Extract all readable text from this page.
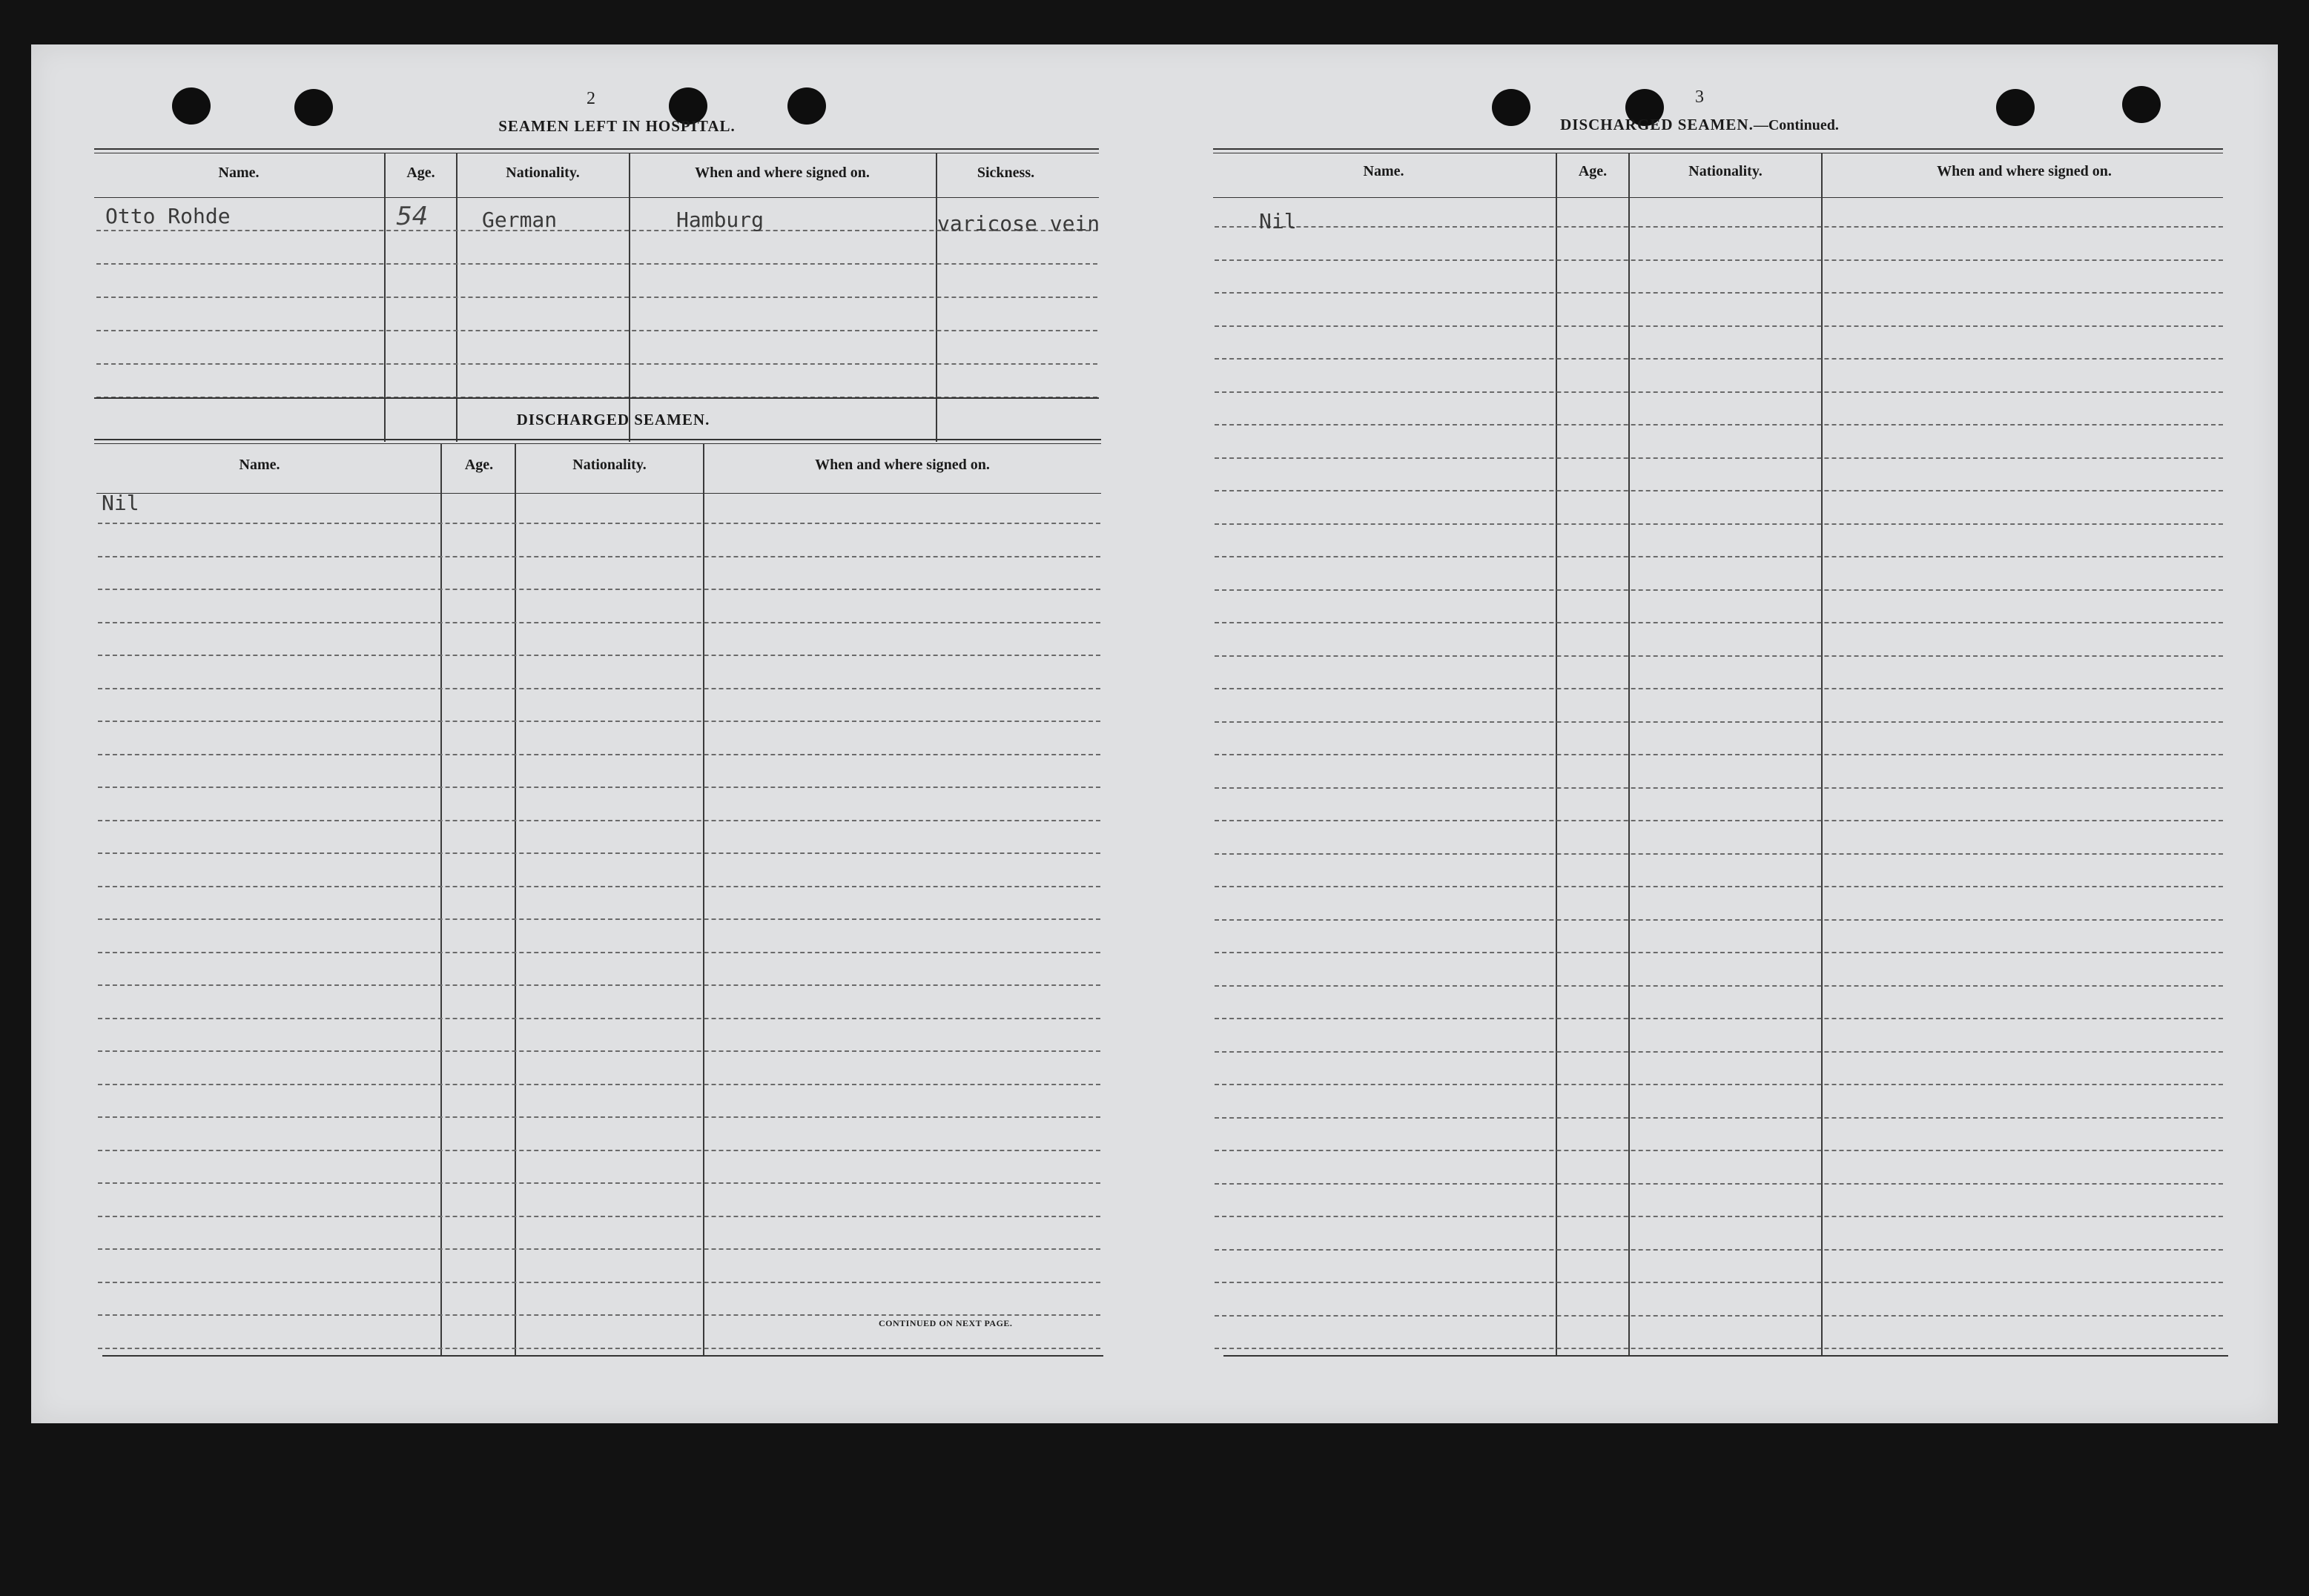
2
SEAMEN LEFT IN HOSPITAL.
Name.	Age.	Nationality.	When and where signed on.	Sickness.
Otto Rohde	54	German	Hamburg	varicose vein
DISCHARGED SEAMEN.
Name.	Age.	Nationality.	When and where signed on.
Nil
CONTINUED ON NEXT PAGE.
3
DISCHARGED SEAMEN.—Continued.
Name.	Age.	Nationality.	When and where signed on.
Nil
